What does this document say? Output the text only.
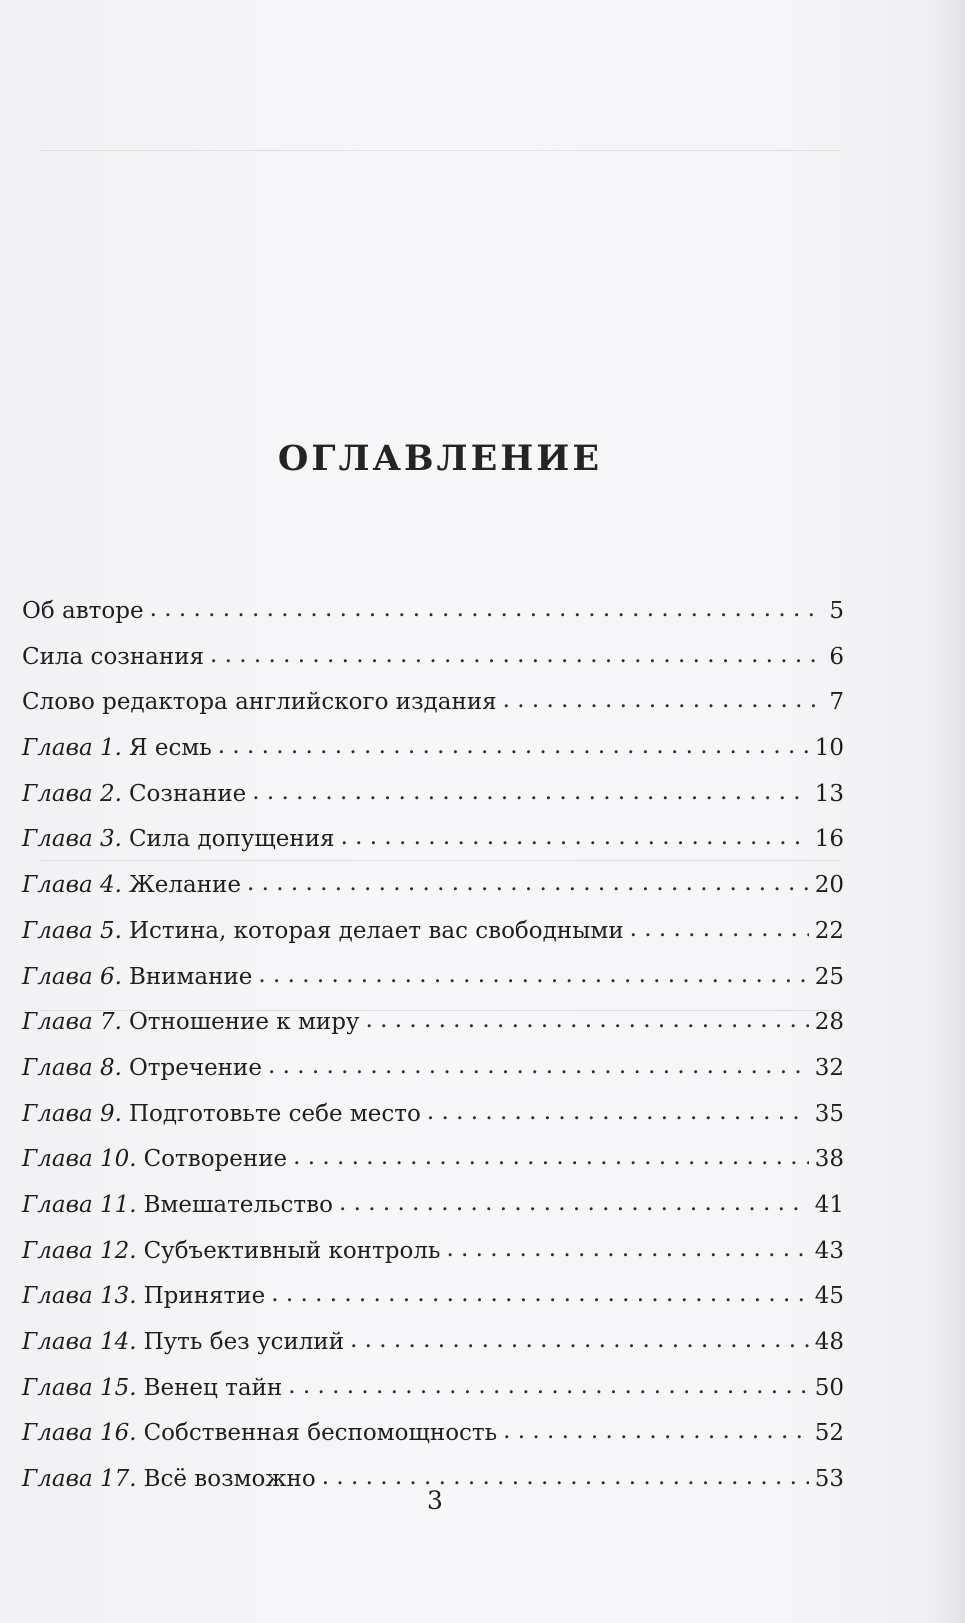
ОГЛАВЛЕНИЕ
Об авторе . . .	5
Сила сознания . . .	6
Слово редактора английского издания . . .	7
Глава 1. Я есмь . . .	10
Глава 2. Сознание . . .	13
Глава 3. Сила допущения . . .	16
Глава 4. Желание . . .	20
Глава 5. Истина, которая делает вас свободными . . .	22
Глава 6. Внимание . . .	25
Глава 7. Отношение к миру . . .	28
Глава 8. Отречение . . .	32
Глава 9. Подготовьте себе место . . .	35
Глава 10. Сотворение . . .	38
Глава 11. Вмешательство . . .	41
Глава 12. Субъективный контроль . . .	43
Глава 13. Принятие . . .	45
Глава 14. Путь без усилий . . .	48
Глава 15. Венец тайн . . .	50
Глава 16. Собственная беспомощность . . .	52
Глава 17. Всё возможно . . .	53
3
